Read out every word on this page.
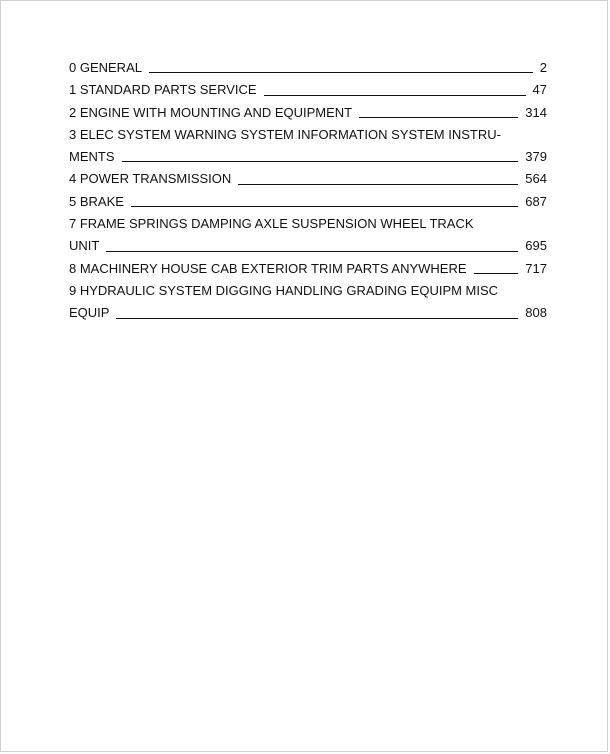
0 GENERAL	2
1 STANDARD PARTS SERVICE	47
2 ENGINE WITH MOUNTING AND EQUIPMENT	314
3 ELEC SYSTEM WARNING SYSTEM INFORMATION SYSTEM INSTRU-
MENTS	379
4 POWER TRANSMISSION	564
5 BRAKE	687
7 FRAME SPRINGS DAMPING AXLE SUSPENSION WHEEL TRACK
UNIT	695
8 MACHINERY HOUSE CAB EXTERIOR TRIM PARTS ANYWHERE	717
9 HYDRAULIC SYSTEM DIGGING HANDLING GRADING EQUIPM MISC
EQUIP	808
